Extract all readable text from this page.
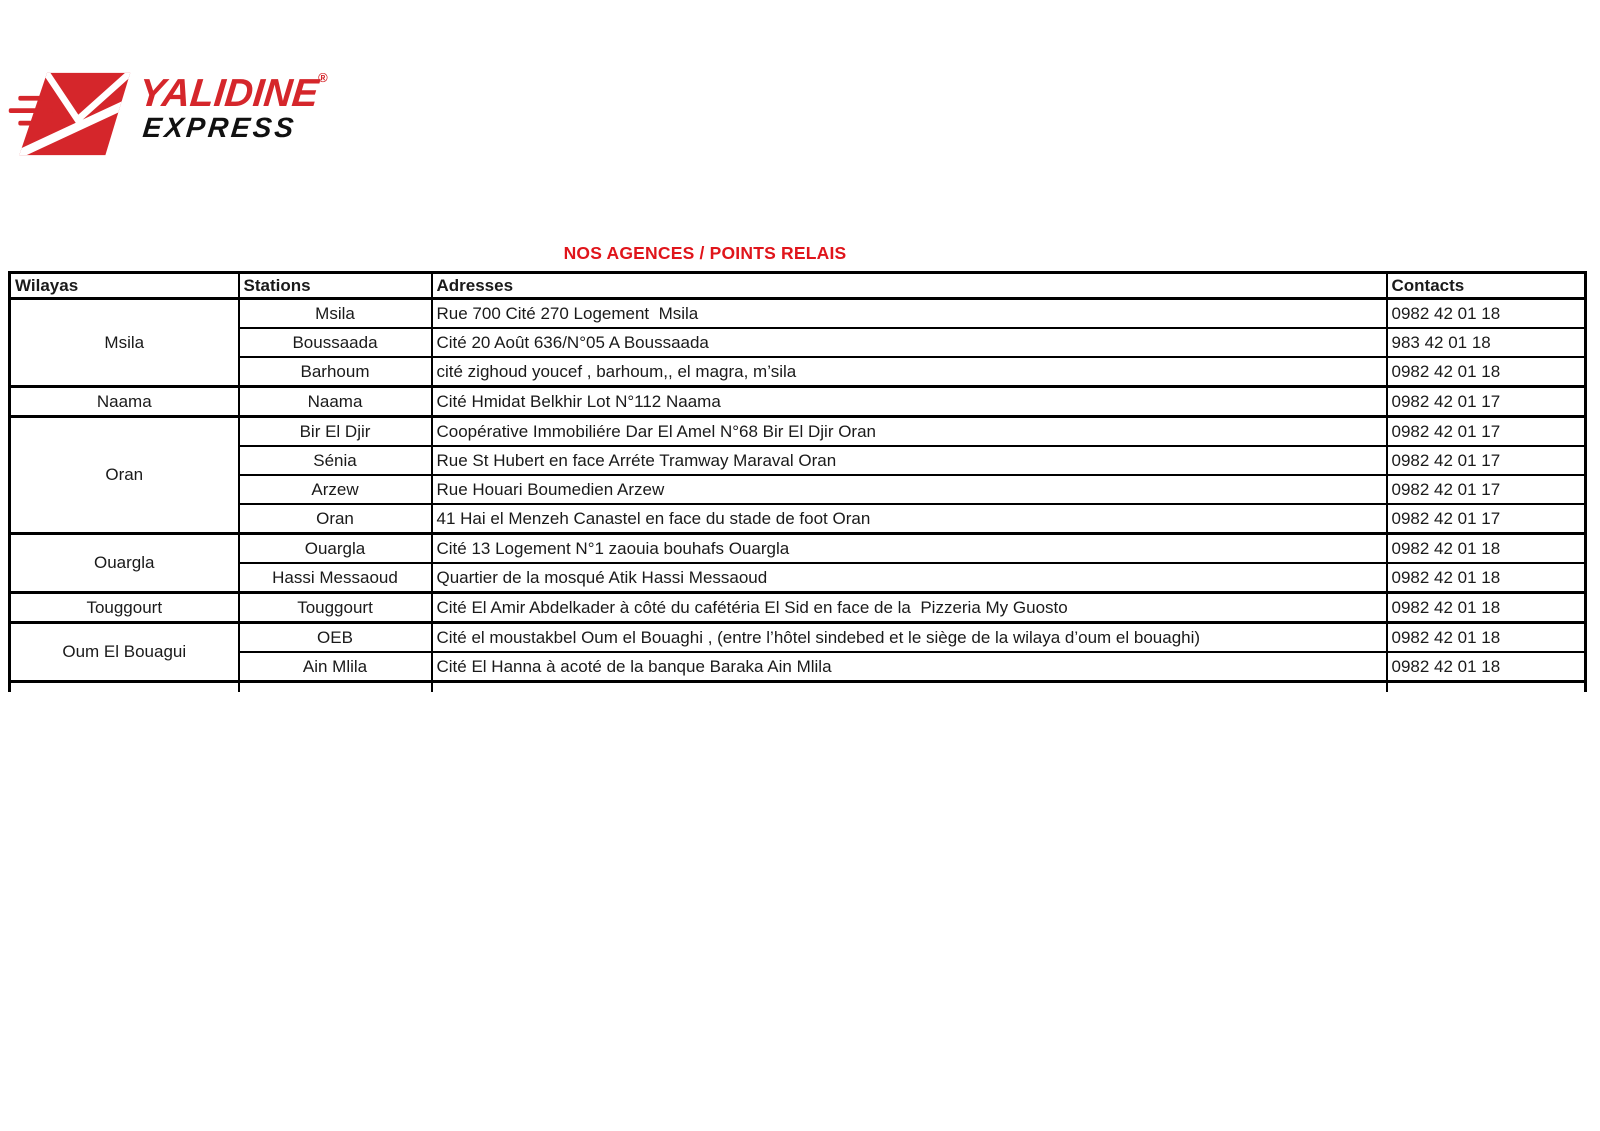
YALIDINE®
EXPRESS
NOS AGENCES / POINTS RELAIS
Wilayas	Stations	Adresses	Contacts
Msila	Msila	Rue 700 Cité 270 Logement  Msila	0982 42 01 18
	Boussaada	Cité 20 Août 636/N°05 A Boussaada	983 42 01 18
	Barhoum	cité zighoud youcef , barhoum,, el magra, m’sila	0982 42 01 18
Naama	Naama	Cité Hmidat Belkhir Lot N°112 Naama	0982 42 01 17
Oran	Bir El Djir	Coopérative Immobiliére Dar El Amel N°68 Bir El Djir Oran	0982 42 01 17
	Sénia	Rue St Hubert en face Arréte Tramway Maraval Oran	0982 42 01 17
	Arzew	Rue Houari Boumedien Arzew	0982 42 01 17
	Oran	41 Hai el Menzeh Canastel en face du stade de foot Oran	0982 42 01 17
Ouargla	Ouargla	Cité 13 Logement N°1 zaouia bouhafs Ouargla	0982 42 01 18
	Hassi Messaoud	Quartier de la mosqué Atik Hassi Messaoud	0982 42 01 18
Touggourt	Touggourt	Cité El Amir Abdelkader à côté du cafétéria El Sid en face de la  Pizzeria My Guosto	0982 42 01 18
Oum El Bouagui	OEB	Cité el moustakbel Oum el Bouaghi , (entre l’hôtel sindebed et le siège de la wilaya d’oum el bouaghi)	0982 42 01 18
	Ain Mlila	Cité El Hanna à acoté de la banque Baraka Ain Mlila	0982 42 01 18
